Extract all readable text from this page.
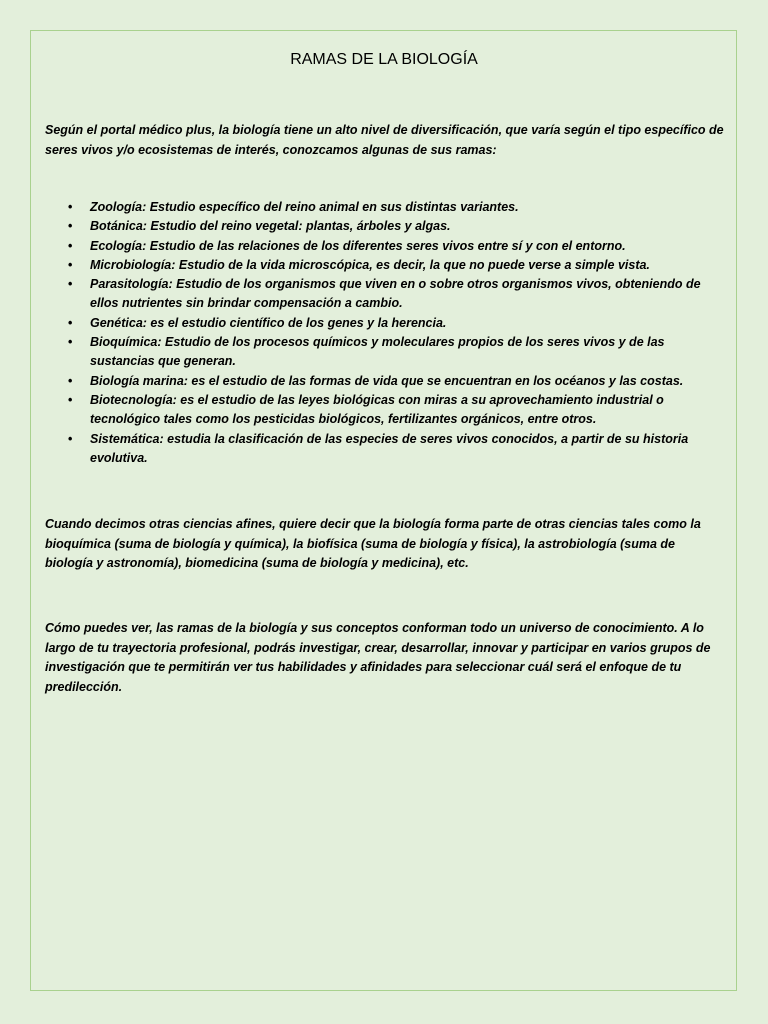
RAMAS DE LA BIOLOGÍA

Según el portal médico plus, la biología tiene un alto nivel de diversificación, que varía según el tipo específico de seres vivos y/o ecosistemas de interés, conozcamos algunas de sus ramas:

• Zoología: Estudio específico del reino animal en sus distintas variantes.
• Botánica: Estudio del reino vegetal: plantas, árboles y algas.
• Ecología: Estudio de las relaciones de los diferentes seres vivos entre sí y con el entorno.
• Microbiología: Estudio de la vida microscópica, es decir, la que no puede verse a simple vista.
• Parasitología: Estudio de los organismos que viven en o sobre otros organismos vivos, obteniendo de ellos nutrientes sin brindar compensación a cambio.
• Genética: es el estudio científico de los genes y la herencia.
• Bioquímica: Estudio de los procesos químicos y moleculares propios de los seres vivos y de las sustancias que generan.
• Biología marina: es el estudio de las formas de vida que se encuentran en los océanos y las costas.
• Biotecnología: es el estudio de las leyes biológicas con miras a su aprovechamiento industrial o tecnológico tales como los pesticidas biológicos, fertilizantes orgánicos, entre otros.
• Sistemática: estudia la clasificación de las especies de seres vivos conocidos, a partir de su historia evolutiva.

Cuando decimos otras ciencias afines, quiere decir que la biología forma parte de otras ciencias tales como la bioquímica (suma de biología y química), la biofísica (suma de biología y física), la astrobiología (suma de biología y astronomía), biomedicina (suma de biología y medicina), etc.

Cómo puedes ver, las ramas de la biología y sus conceptos conforman todo un universo de conocimiento. A lo largo de tu trayectoria profesional, podrás investigar, crear, desarrollar, innovar y participar en varios grupos de investigación que te permitirán ver tus habilidades y afinidades para seleccionar cuál será el enfoque de tu predilección.
